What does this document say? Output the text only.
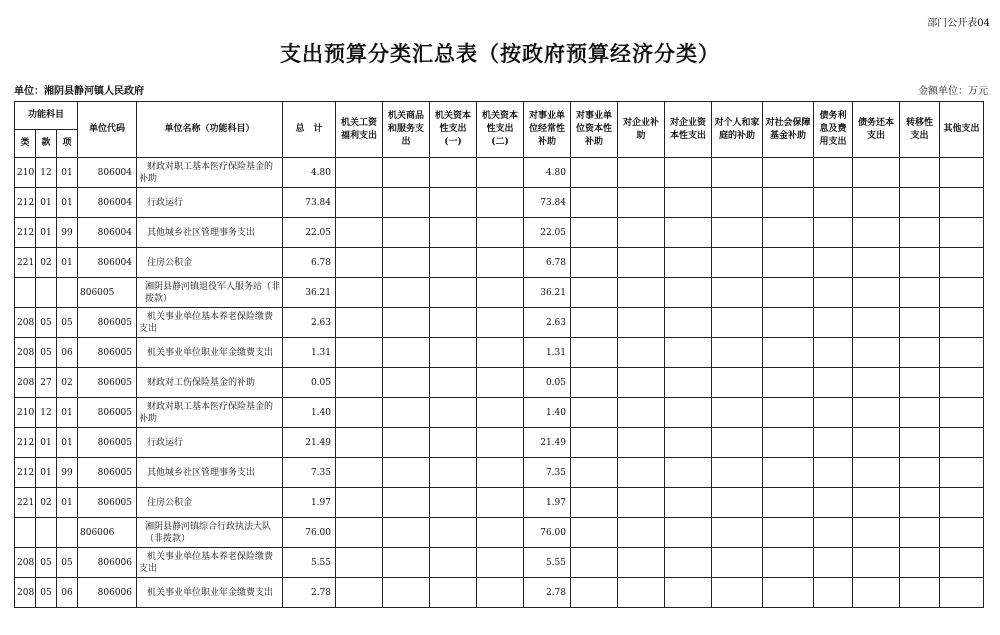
部门公开表04
支出预算分类汇总表（按政府预算经济分类）
单位：湘阴县静河镇人民政府	金额单位：万元
功能科目			单位代码	单位名称（功能科目）	总　计	机关工资福利支出	机关商品和服务支出	机关资本性支出(一)	机关资本性支出(二)	对事业单位经常性补助	对事业单位资本性补助	对企业补助	对企业资本性支出	对个人和家庭的补助	对社会保障基金补助	债务利息及费用支出	债务还本支出	转移性支出	其他支出
类	款	项																	
210	12	01	806004	财政对职工基本医疗保险基金的补助	4.80					4.80									
212	01	01	806004	行政运行	73.84					73.84									
212	01	99	806004	其他城乡社区管理事务支出	22.05					22.05									
221	02	01	806004	住房公积金	6.78					6.78									
			806005	湘阴县静河镇退役军人服务站（非拨款）	36.21					36.21									
208	05	05	806005	机关事业单位基本养老保险缴费支出	2.63					2.63									
208	05	06	806005	机关事业单位职业年金缴费支出	1.31					1.31									
208	27	02	806005	财政对工伤保险基金的补助	0.05					0.05									
210	12	01	806005	财政对职工基本医疗保险基金的补助	1.40					1.40									
212	01	01	806005	行政运行	21.49					21.49									
212	01	99	806005	其他城乡社区管理事务支出	7.35					7.35									
221	02	01	806005	住房公积金	1.97					1.97									
			806006	湘阴县静河镇综合行政执法大队（非拨款）	76.00					76.00									
208	05	05	806006	机关事业单位基本养老保险缴费支出	5.55					5.55									
208	05	06	806006	机关事业单位职业年金缴费支出	2.78					2.78									
